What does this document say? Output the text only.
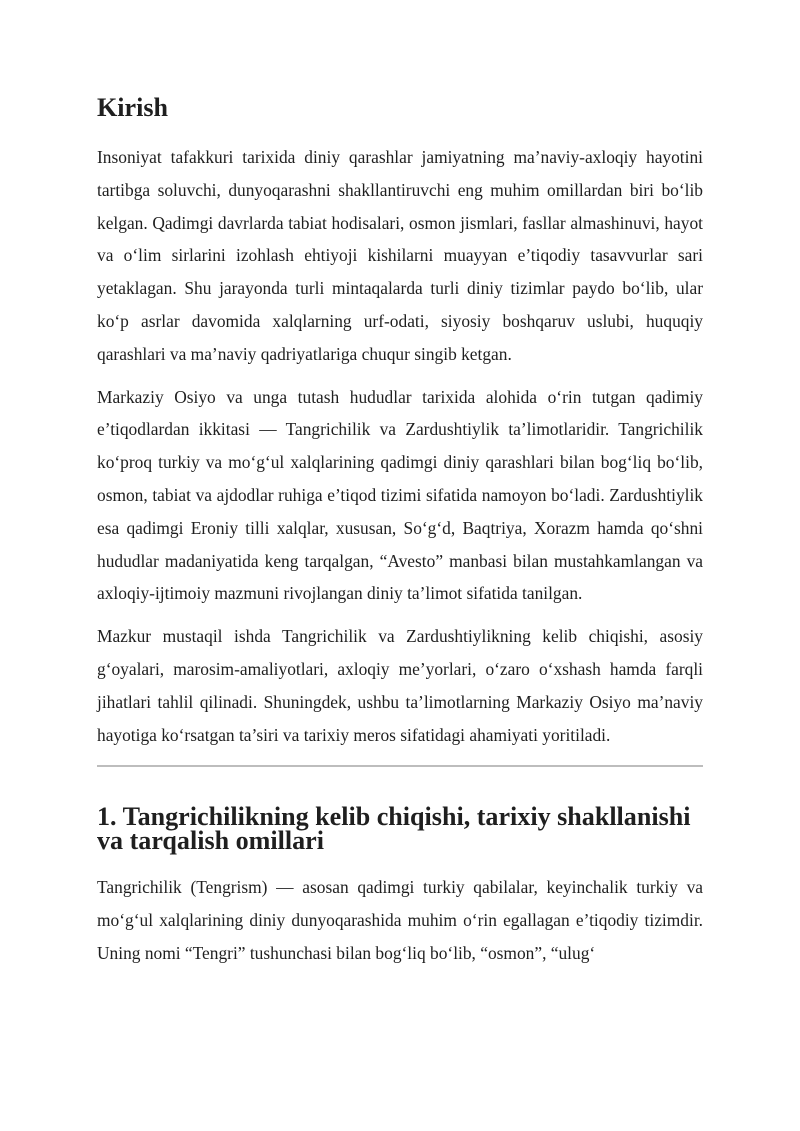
Kirish

Insoniyat tafakkuri tarixida diniy qarashlar jamiyatning ma’naviy-axloqiy hayotini tartibga soluvchi, dunyoqarashni shakllantiruvchi eng muhim omillardan biri bo‘lib kelgan. Qadimgi davrlarda tabiat hodisalari, osmon jismlari, fasllar almashinuvi, hayot va o‘lim sirlarini izohlash ehtiyoji kishilarni muayyan e’tiqodiy tasavvurlar sari yetaklagan. Shu jarayonda turli mintaqalarda turli diniy tizimlar paydo bo‘lib, ular ko‘p asrlar davomida xalqlarning urf-odati, siyosiy boshqaruv uslubi, huquqiy qarashlari va ma’naviy qadriyatlariga chuqur singib ketgan.

Markaziy Osiyo va unga tutash hududlar tarixida alohida o‘rin tutgan qadimiy e’tiqodlardan ikkitasi — Tangrichilik va Zardushtiylik ta’limotlaridir. Tangrichilik ko‘proq turkiy va mo‘g‘ul xalqlarining qadimgi diniy qarashlari bilan bog‘liq bo‘lib, osmon, tabiat va ajdodlar ruhiga e’tiqod tizimi sifatida namoyon bo‘ladi. Zardushtiylik esa qadimgi Eroniy tilli xalqlar, xususan, So‘g‘d, Baqtriya, Xorazm hamda qo‘shni hududlar madaniyatida keng tarqalgan, “Avesto” manbasi bilan mustahkamlangan va axloqiy-ijtimoiy mazmuni rivojlangan diniy ta’limot sifatida tanilgan.

Mazkur mustaqil ishda Tangrichilik va Zardushtiylikning kelib chiqishi, asosiy g‘oyalari, marosim-amaliyotlari, axloqiy me’yorlari, o‘zaro o‘xshash hamda farqli jihatlari tahlil qilinadi. Shuningdek, ushbu ta’limotlarning Markaziy Osiyo ma’naviy hayotiga ko‘rsatgan ta’siri va tarixiy meros sifatidagi ahamiyati yoritiladi.

1. Tangrichilikning kelib chiqishi, tarixiy shakllanishi va tarqalish omillari

Tangrichilik (Tengrism) — asosan qadimgi turkiy qabilalar, keyinchalik turkiy va mo‘g‘ul xalqlarining diniy dunyoqarashida muhim o‘rin egallagan e’tiqodiy tizimdir. Uning nomi “Tengri” tushunchasi bilan bog‘liq bo‘lib, “osmon”, “ulug‘
